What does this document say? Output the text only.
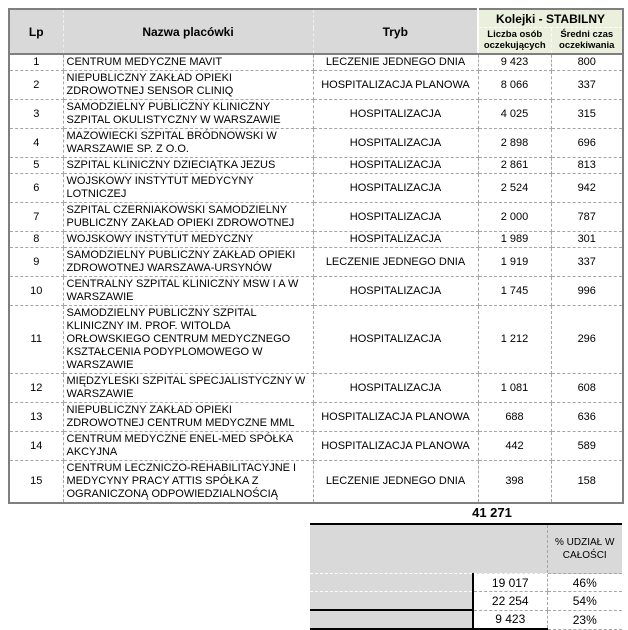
Lp	Nazwa placówki	Tryb	Kolejki - STABILNY	
			Liczba osób oczekujących	Średni czas oczekiwania
1	CENTRUM MEDYCZNE MAVIT	LECZENIE JEDNEGO DNIA	9 423	800
2	NIEPUBLICZNY ZAKŁAD OPIEKI ZDROWOTNEJ SENSOR CLINIQ	HOSPITALIZACJA PLANOWA	8 066	337
3	SAMODZIELNY PUBLICZNY KLINICZNY SZPITAL OKULISTYCZNY W WARSZAWIE	HOSPITALIZACJA	4 025	315
4	MAZOWIECKI SZPITAL BRÓDNOWSKI W WARSZAWIE SP. Z O.O.	HOSPITALIZACJA	2 898	696
5	SZPITAL KLINICZNY DZIECIĄTKA JEZUS	HOSPITALIZACJA	2 861	813
6	WOJSKOWY INSTYTUT MEDYCYNY LOTNICZEJ	HOSPITALIZACJA	2 524	942
7	SZPITAL CZERNIAKOWSKI SAMODZIELNY PUBLICZNY ZAKŁAD OPIEKI ZDROWOTNEJ	HOSPITALIZACJA	2 000	787
8	WOJSKOWY INSTYTUT MEDYCZNY	HOSPITALIZACJA	1 989	301
9	SAMODZIELNY PUBLICZNY ZAKŁAD OPIEKI ZDROWOTNEJ WARSZAWA-URSYNÓW	LECZENIE JEDNEGO DNIA	1 919	337
10	CENTRALNY SZPITAL KLINICZNY MSW I A W WARSZAWIE	HOSPITALIZACJA	1 745	996
11	SAMODZIELNY PUBLICZNY SZPITAL KLINICZNY IM. PROF. WITOLDA ORŁOWSKIEGO CENTRUM MEDYCZNEGO KSZTAŁCENIA PODYPLOMOWEGO W WARSZAWIE	HOSPITALIZACJA	1 212	296
12	MIĘDZYLESKI SZPITAL SPECJALISTYCZNY W WARSZAWIE	HOSPITALIZACJA	1 081	608
13	NIEPUBLICZNY ZAKŁAD OPIEKI ZDROWOTNEJ CENTRUM MEDYCZNE MML	HOSPITALIZACJA PLANOWA	688	636
14	CENTRUM MEDYCZNE ENEL-MED SPÓŁKA AKCYJNA	HOSPITALIZACJA PLANOWA	442	589
15	CENTRUM LECZNICZO-REHABILITACYJNE I MEDYCYNY PRACY ATTIS SPÓŁKA Z OGRANICZONĄ ODPOWIEDZIALNOŚCIĄ	LECZENIE JEDNEGO DNIA	398	158
41 271
		% UDZIAŁ W CAŁOŚCI
	19 017	46%
	22 254	54%
	9 423	23%
